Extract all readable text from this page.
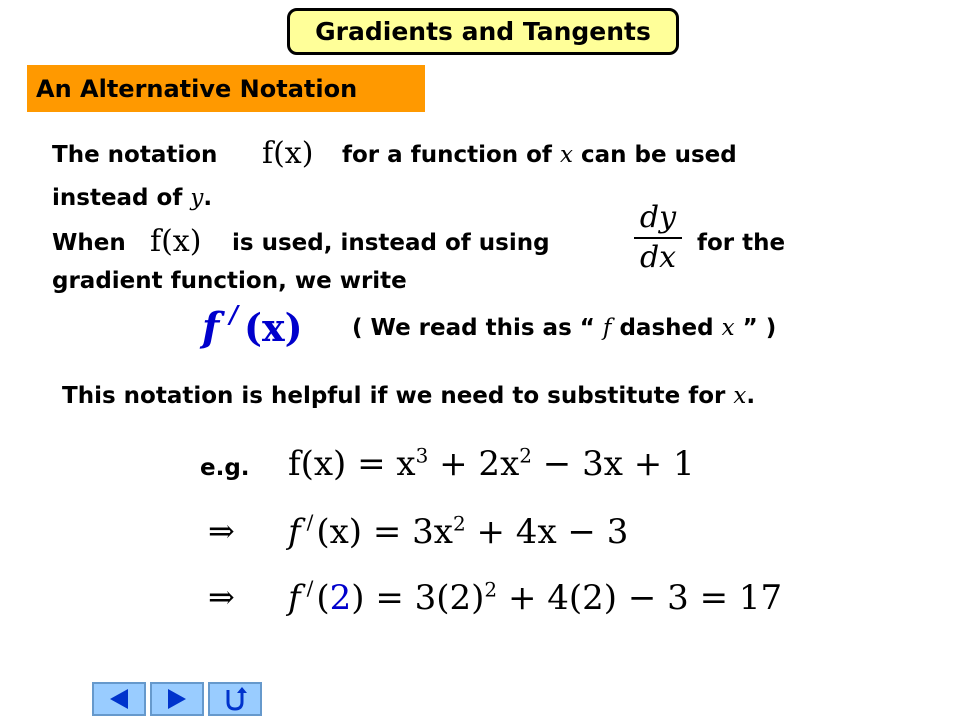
Gradients and Tangents
An Alternative Notation
The notation f(x) for a function of x can be used
instead of y.
When f(x) is used, instead of using
dy
dx for the
gradient function, we write
f / (x) ( We read this as “ f dashed x ” )
This notation is helpful if we need to substitute for x.
e.g. $f(x) = x^3 + 2x^2 - 3x + 1$
⇒ f $^/(x) = 3x^2 + 4x - 3$
⇒ f $^/(2) = 3(2)^2 + 4(2) - 3 = 17$
